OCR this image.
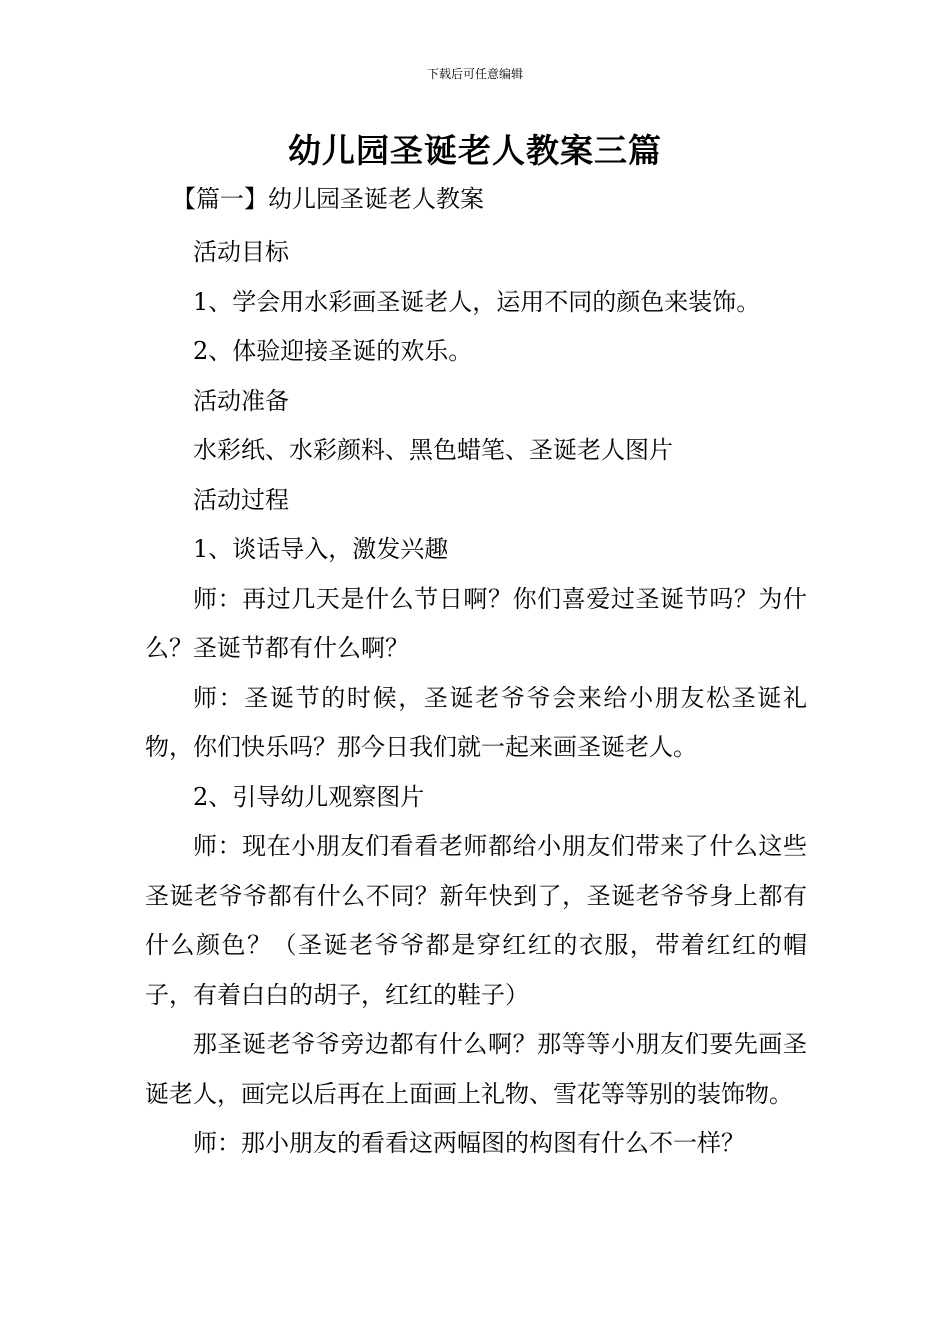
下载后可任意编辑
幼儿园圣诞老人教案三篇
【篇一】幼儿园圣诞老人教案

活动目标

1、学会用水彩画圣诞老人，运用不同的颜色来装饰。

2、体验迎接圣诞的欢乐。

活动准备

水彩纸、水彩颜料、黑色蜡笔、圣诞老人图片

活动过程

1、谈话导入，激发兴趣

师：再过几天是什么节日啊？你们喜爱过圣诞节吗？为什么？圣诞节都有什么啊？

师：圣诞节的时候，圣诞老爷爷会来给小朋友松圣诞礼物，你们快乐吗？那今日我们就一起来画圣诞老人。

2、引导幼儿观察图片

师：现在小朋友们看看老师都给小朋友们带来了什么这些圣诞老爷爷都有什么不同？新年快到了，圣诞老爷爷身上都有什么颜色？（圣诞老爷爷都是穿红红的衣服，带着红红的帽子，有着白白的胡子，红红的鞋子）

那圣诞老爷爷旁边都有什么啊？那等等小朋友们要先画圣诞老人，画完以后再在上面画上礼物、雪花等等别的装饰物。

师：那小朋友的看看这两幅图的构图有什么不一样？
